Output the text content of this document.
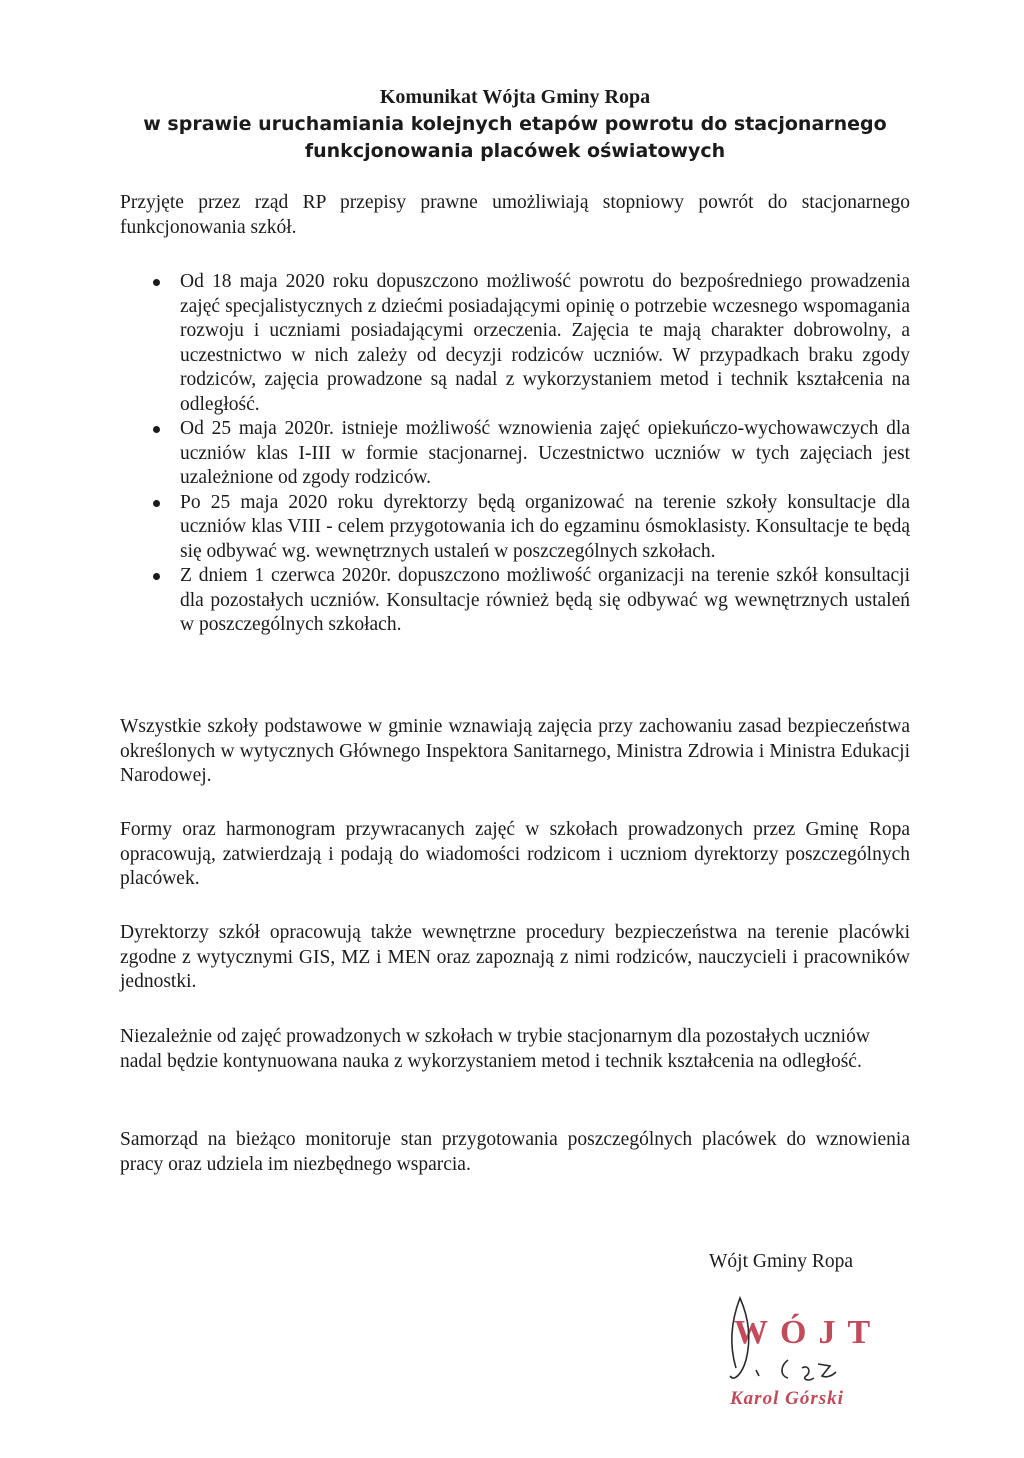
Komunikat Wójta Gminy Ropa
w sprawie uruchamiania kolejnych etapów powrotu do stacjonarnego
funkcjonowania placówek oświatowych
Przyjęte przez rząd RP przepisy prawne umożliwiają stopniowy powrót do stacjonarnego funkcjonowania szkół.
Od 18 maja 2020 roku dopuszczono możliwość powrotu do bezpośredniego prowadzenia zajęć specjalistycznych z dziećmi posiadającymi opinię o potrzebie wczesnego wspomagania rozwoju i uczniami posiadającymi orzeczenia. Zajęcia te mają charakter dobrowolny, a uczestnictwo w nich zależy od decyzji rodziców uczniów. W przypadkach braku zgody rodziców, zajęcia prowadzone są nadal z wykorzystaniem metod i technik kształcenia na odległość.
Od 25 maja 2020r. istnieje możliwość wznowienia zajęć opiekuńczo-wychowawczych dla uczniów klas I-III w formie stacjonarnej. Uczestnictwo uczniów w tych zajęciach jest uzależnione od zgody rodziców.
Po 25 maja 2020 roku dyrektorzy będą organizować na terenie szkoły konsultacje dla uczniów klas VIII - celem przygotowania ich do egzaminu ósmoklasisty. Konsultacje te będą się odbywać wg. wewnętrznych ustaleń w poszczególnych szkołach.
Z dniem 1 czerwca 2020r. dopuszczono możliwość organizacji na terenie szkół konsultacji dla pozostałych uczniów. Konsultacje również będą się odbywać wg wewnętrznych ustaleń w poszczególnych szkołach.
Wszystkie szkoły podstawowe w gminie wznawiają zajęcia przy zachowaniu zasad bezpieczeństwa określonych w wytycznych Głównego Inspektora Sanitarnego, Ministra Zdrowia i Ministra Edukacji Narodowej.
Formy oraz harmonogram przywracanych zajęć w szkołach prowadzonych przez Gminę Ropa opracowują, zatwierdzają i podają do wiadomości rodzicom i uczniom dyrektorzy poszczególnych placówek.
Dyrektorzy szkół opracowują także wewnętrzne procedury bezpieczeństwa na terenie placówki zgodne z wytycznymi GIS, MZ i MEN oraz zapoznają z nimi rodziców, nauczycieli i pracowników jednostki.
Niezależnie od zajęć prowadzonych w szkołach w trybie stacjonarnym dla pozostałych uczniów nadal będzie kontynuowana nauka z wykorzystaniem metod i technik kształcenia na odległość.
Samorząd na bieżąco monitoruje stan przygotowania poszczególnych placówek do wznowienia pracy oraz udziela im niezbędnego wsparcia.
Wójt Gminy Ropa
WÓJT
Karol Górski
